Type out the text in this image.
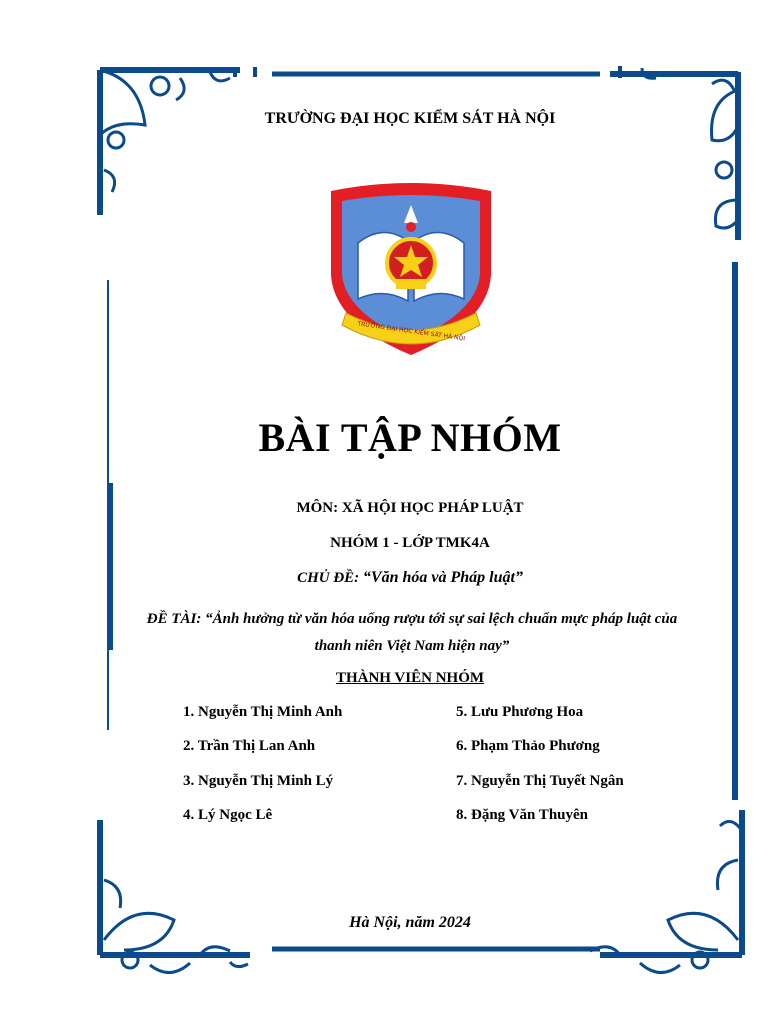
TRƯỜNG ĐẠI HỌC KIỂM SÁT HÀ NỘI
TRƯỜNG ĐẠI HỌC KIỂM SÁT HÀ NỘI
BÀI TẬP NHÓM
MÔN: XÃ HỘI HỌC PHÁP LUẬT
NHÓM 1 - LỚP TMK4A
CHỦ ĐỀ: “Văn hóa và Pháp luật”
ĐỀ TÀI: “Ảnh hưởng từ văn hóa uống rượu tới sự sai lệch chuẩn mực pháp luật của
thanh niên Việt Nam hiện nay”
THÀNH VIÊN NHÓM
1. Nguyễn Thị Minh Anh
2. Trần Thị Lan Anh
3. Nguyễn Thị Minh Lý
4. Lý Ngọc Lê
5. Lưu Phương Hoa
6. Phạm Thảo Phương
7. Nguyễn Thị Tuyết Ngân
8. Đặng Văn Thuyên
Hà Nội, năm 2024
